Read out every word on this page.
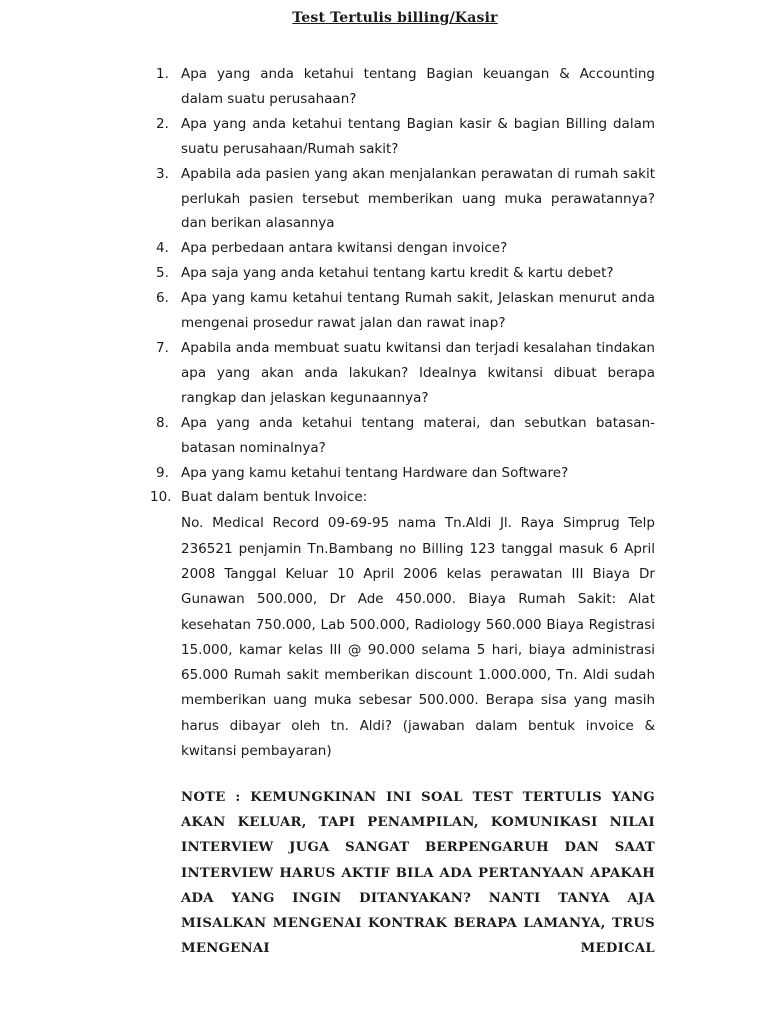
Test Tertulis billing/Kasir
1. Apa yang anda ketahui tentang Bagian keuangan & Accounting dalam suatu perusahaan?
2. Apa yang anda ketahui tentang Bagian kasir & bagian Billing dalam suatu perusahaan/Rumah sakit?
3. Apabila ada pasien yang akan menjalankan perawatan di rumah sakit perlukah pasien tersebut memberikan uang muka perawatannya? dan berikan alasannya
4. Apa perbedaan antara kwitansi dengan invoice?
5. Apa saja yang anda ketahui tentang kartu kredit & kartu debet?
6. Apa yang kamu ketahui tentang Rumah sakit, Jelaskan menurut anda mengenai prosedur rawat jalan dan rawat inap?
7. Apabila anda membuat suatu kwitansi dan terjadi kesalahan tindakan apa yang akan anda lakukan? Idealnya kwitansi dibuat berapa rangkap dan jelaskan kegunaannya?
8. Apa yang anda ketahui tentang materai, dan sebutkan batasan-batasan nominalnya?
9. Apa yang kamu ketahui tentang Hardware dan Software?
10. Buat dalam bentuk Invoice:
No. Medical Record 09-69-95 nama Tn.Aldi Jl. Raya Simprug Telp 236521 penjamin Tn.Bambang no Billing 123 tanggal masuk 6 April 2008 Tanggal Keluar 10 April 2006 kelas perawatan III Biaya Dr Gunawan 500.000, Dr Ade 450.000. Biaya Rumah Sakit: Alat kesehatan 750.000, Lab 500.000, Radiology 560.000 Biaya Registrasi 15.000, kamar kelas III @ 90.000 selama 5 hari, biaya administrasi 65.000 Rumah sakit memberikan discount 1.000.000, Tn. Aldi sudah memberikan uang muka sebesar 500.000. Berapa sisa yang masih harus dibayar oleh tn. Aldi? (jawaban dalam bentuk invoice & kwitansi pembayaran)

NOTE : KEMUNGKINAN INI SOAL TEST TERTULIS YANG AKAN KELUAR, TAPI PENAMPILAN, KOMUNIKASI NILAI INTERVIEW JUGA SANGAT BERPENGARUH DAN SAAT INTERVIEW HARUS AKTIF BILA ADA PERTANYAAN APAKAH ADA YANG INGIN DITANYAKAN? NANTI TANYA AJA MISALKAN MENGENAI KONTRAK BERAPA LAMANYA, TRUS MENGENAI MEDICAL
